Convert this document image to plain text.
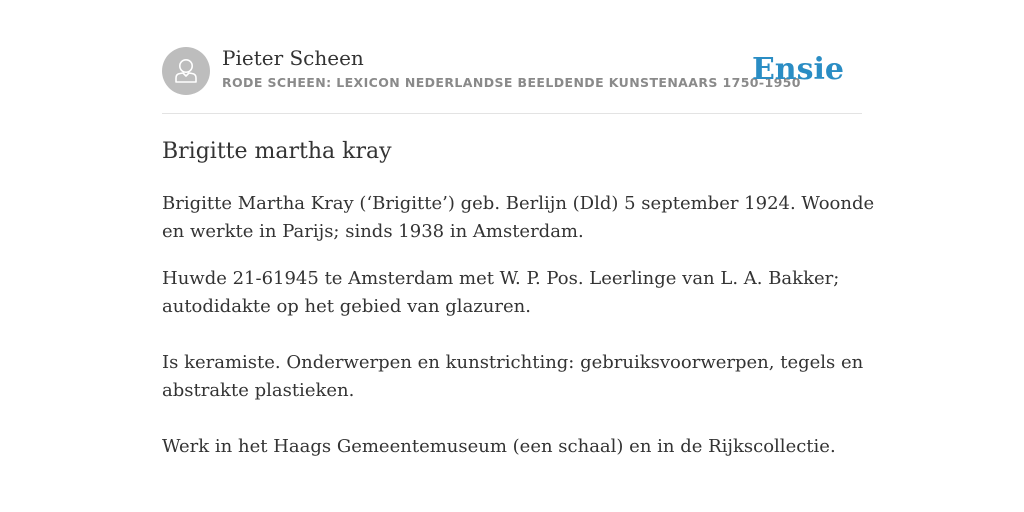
Pieter Scheen
RODE SCHEEN: LEXICON NEDERLANDSE BEELDENDE KUNSTENAARS 1750-1950
Ensie
Brigitte martha kray

Brigitte Martha Kray (‘Brigitte’) geb. Berlijn (Dld) 5 september 1924. Woonde en werkte in Parijs; sinds 1938 in Amsterdam.

Huwde 21-61945 te Amsterdam met W. P. Pos. Leerlinge van L. A. Bakker; autodidakte op het gebied van glazuren.

Is keramiste. Onderwerpen en kunstrichting: gebruiksvoorwerpen, tegels en abstrakte plastieken.

Werk in het Haags Gemeentemuseum (een schaal) en in de Rijkscollectie.
